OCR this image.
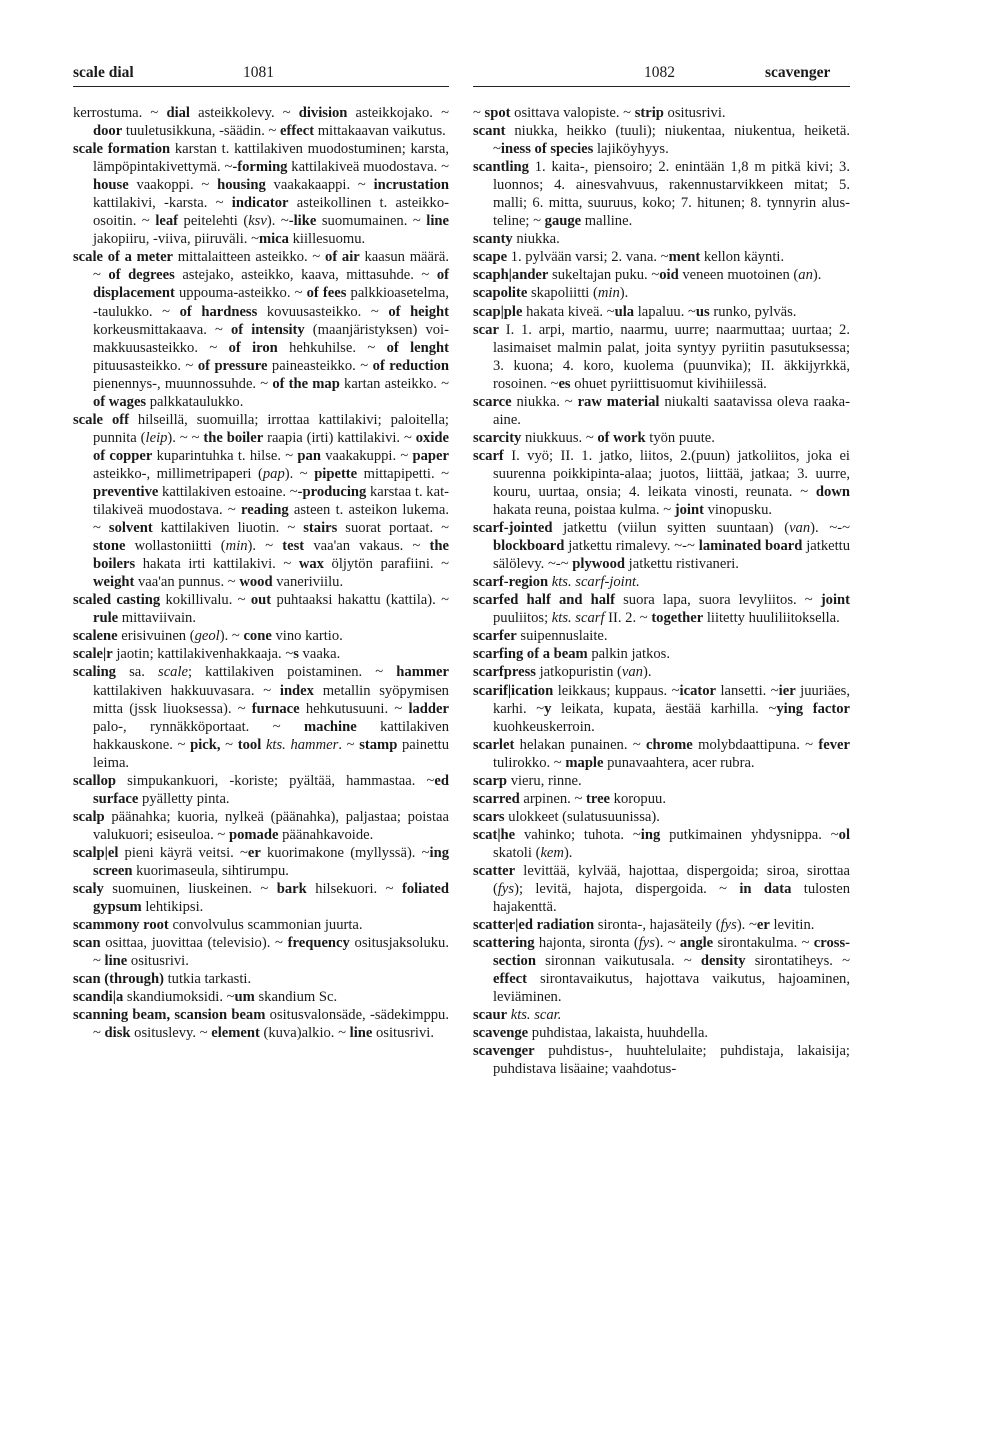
scale dial	1081	1082	scavenger

kerrostuma. ~ dial asteikkolevy. ~ division asteikkojako. ~ door tuuletusikkuna, -säädin. ~ effect mittakaavan vaikutus.

scale formation karstan t. kattilakiven muodostuminen; karsta, lämpöpintakivettymä. ~-forming kattilakiveä muodostava. ~ house vaakoppi. ~ housing vaakakaappi. ~ incrustation kattilakivi, -karsta. ~ indicator asteikollinen t. asteikko-osoitin. ~ leaf peitelehti (ksv). ~-like suomumainen. ~ line jakopiiru, -viiva, piiruväli. ~mica kiillesuomu.

scale of a meter mittalaitteen asteikko. ~ of air kaasun määrä. ~ of degrees astejako, asteikko, kaava, mittasuhde. ~ of displacement uppouma-asteikko. ~ of fees palkkioasetelma, -taulukko. ~ of hardness kovuusasteikko. ~ of height korkeusmittakaava. ~ of intensity (maanjäristyksen) voimakkuusasteikko. ~ of iron hehkuhilse. ~ of lenght pituusasteikko. ~ of pressure paineasteikko. ~ of reduction pienennys-, muunnossuhde. ~ of the map kartan asteikko. ~ of wages palkkataulukko.

scale off hilseillä, suomuilla; irrottaa kattilakivi; paloitella; punnita (leip). ~ ~ the boiler raapia (irti) kattilakivi. ~ oxide of copper kuparintuhka t. hilse. ~ pan vaakakuppi. ~ paper asteikko-, millimetripaperi (pap). ~ pipette mittapipetti. ~ preventive kattilakiven estoaine. ~-producing karstaa t. kattilakiveä muodostava. ~ reading asteen t. asteikon lukema. ~ solvent kattilakiven liuotin. ~ stairs suorat portaat. ~ stone wollastoniitti (min). ~ test vaa'an vakaus. ~ the boilers hakata irti kattilakivi. ~ wax öljytön parafiini. ~ weight vaa'an punnus. ~ wood vaneriviilu.

scaled casting kokillivalu. ~ out puhtaaksi hakattu (kattila). ~ rule mittaviivain.

scalene erisivuinen (geol). ~ cone vino kartio.

scale|r jaotin; kattilakivenhakkaaja. ~s vaaka.

scaling sa. scale; kattilakiven poistaminen. ~ hammer kattilakiven hakkuuvasara. ~ index metallin syöpymisen mitta (jssk liuoksessa). ~ furnace hehkutusuuni. ~ ladder palo-, rynnäkköportaat. ~ machine kattilakiven hakkauskone. ~ pick, ~ tool kts. hammer. ~ stamp painettu leima.

scallop simpukankuori, -koriste; pyältää, hammastaa. ~ed surface pyälletty pinta.

scalp päänahka; kuoria, nylkeä (päänahka), paljastaa; poistaa valukuori; esiseuloa. ~ pomade päänahkavoide.

scalp|el pieni käyrä veitsi. ~er kuorimakone (myllyssä). ~ing screen kuorimaseula, sihtirumpu.

scaly suomuinen, liuskeinen. ~ bark hilsekuori. ~ foliated gypsum lehtikipsi.

scammony root convolvulus scammonian juurta.

scan osittaa, juovittaa (televisio). ~ frequency ositusjaksoluku. ~ line ositusrivi.

scan (through) tutkia tarkasti.

scandi|a skandiumoksidi. ~um skandium Sc.

scanning beam, scansion beam ositusvalonsäde, -sädekimppu. ~ disk osituslevy. ~ element (kuva)alkio. ~ line ositusrivi.

~ spot osittava valopiste. ~ strip ositusrivi.

scant niukka, heikko (tuuli); niukentaa, niukentua, heiketä. ~iness of species lajiköyhyys.

scantling 1. kaita-, piensoiro; 2. enintään 1,8 m pitkä kivi; 3. luonnos; 4. ainesvahvuus, rakennustarvikkeen mitat; 5. malli; 6. mitta, suuruus, koko; 7. hitunen; 8. tynnyrin alusteline; ~ gauge malline.

scanty niukka.

scape 1. pylvään varsi; 2. vana. ~ment kellon käynti.

scaph|ander sukeltajan puku. ~oid veneen muotoinen (an).

scapolite skapoliitti (min).

scap|ple hakata kiveä. ~ula lapaluu. ~us runko, pylväs.

scar I. 1. arpi, martio, naarmu, uurre; naarmuttaa; uurtaa; 2. lasimaiset malmin palat, joita syntyy pyriitin pasutuksessa; 3. kuona; 4. koro, kuolema (puunvika); II. äkkijyrkkä, rosoinen. ~es ohuet pyriittisuomut kivihiilessä.

scarce niukka. ~ raw material niukalti saatavissa oleva raaka-aine.

scarcity niukkuus. ~ of work työn puute.

scarf I. vyö; II. 1. jatko, liitos, 2.(puun) jatkoliitos, joka ei suurenna poikkipinta-alaa; juotos, liittää, jatkaa; 3. uurre, kouru, uurtaa, onsia; 4. leikata vinosti, reunata. ~ down hakata reuna, poistaa kulma. ~ joint vinopusku.

scarf-jointed jatkettu (viilun syitten suuntaan) (van). ~-~ blockboard jatkettu rimalevy. ~-~ laminated board jatkettu sälölevy. ~-~ plywood jatkettu ristivaneri.

scarf-region kts. scarf-joint.

scarfed half and half suora lapa, suora levyliitos. ~ joint puuliitos; kts. scarf II. 2. ~ together liitetty huuliliitoksella.

scarfer suipennuslaite.

scarfing of a beam palkin jatkos.

scarfpress jatkopuristin (van).

scarif|ication leikkaus; kuppaus. ~icator lansetti. ~ier juuriäes, karhi. ~y leikata, kupata, äestää karhilla. ~ying factor kuohkeuskerroin.

scarlet helakan punainen. ~ chrome molybdaattipuna. ~ fever tulirokko. ~ maple punavaahtera, acer rubra.

scarp vieru, rinne.

scarred arpinen. ~ tree koropuu.

scars ulokkeet (sulatusuunissa).

scat|he vahinko; tuhota. ~ing putkimainen yhdysnippa. ~ol skatoli (kem).

scatter levittää, kylvää, hajottaa, dispergoida; siroa, sirottaa (fys); levitä, hajota, dispergoida. ~ in data tulosten hajakenttä.

scatter|ed radiation sironta-, hajasäteily (fys). ~er levitin.

scattering hajonta, sironta (fys). ~ angle sirontakulma. ~ cross-section sironnan vaikutusala. ~ density sirontatiheys. ~ effect sirontavaikutus, hajottava vaikutus, hajoaminen, leviäminen.

scaur kts. scar.

scavenge puhdistaa, lakaista, huuhdella.

scavenger puhdistus-, huuhtelulaite; puhdistaja, lakaisija; puhdistava lisäaine; vaahdotus-
